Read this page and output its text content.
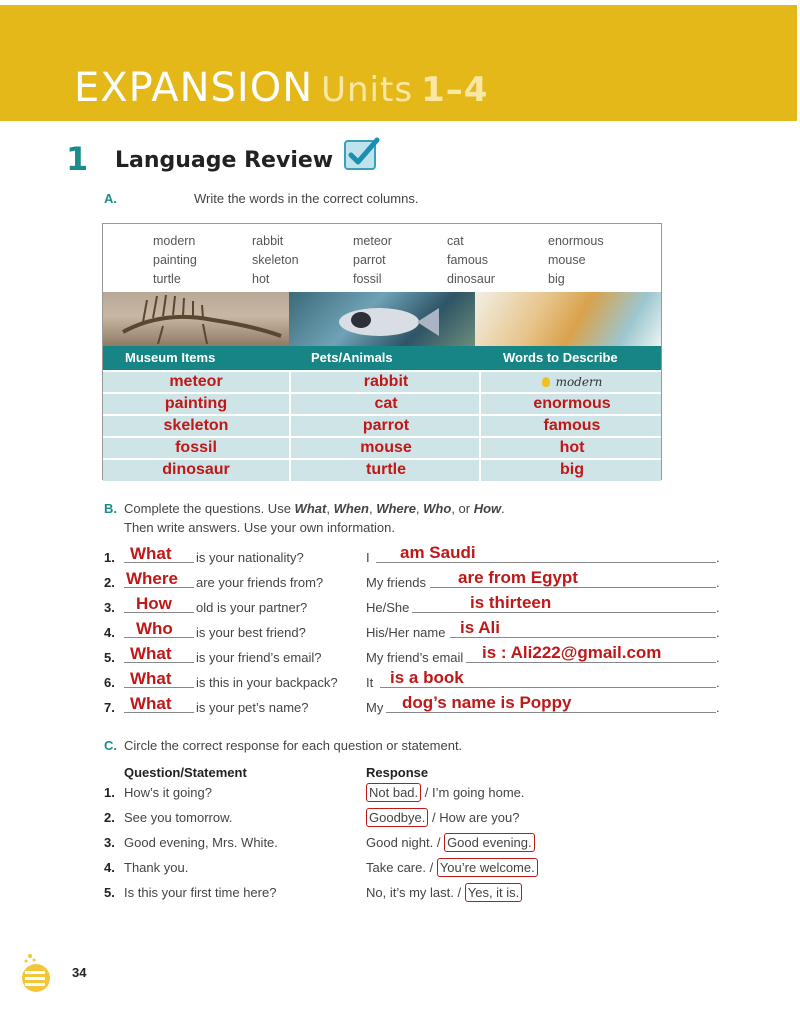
EXPANSION Units 1–4
1 Language Review
A.	Write the words in the correct columns.
modern	rabbit	meteor	cat	enormous
painting	skeleton	parrot	famous	mouse
turtle	hot	fossil	dinosaur	big
Museum Items	Pets/Animals	Words to Describe
meteor	rabbit	modern
painting	cat	enormous
skeleton	parrot	famous
fossil	mouse	hot
dinosaur	turtle	big
B. Complete the questions. Use What, When, Where, Who, or How.
Then write answers. Use your own information.
1. What is your nationality?	I am Saudi	.
2. Where are your friends from?	My friends are from Egypt	.
3. How old is your partner?	He/She	is thirteen	.
4. Who is your best friend?	His/Her name is Ali	.
5. What is your friend’s email?	My friend’s email is : Ali222@gmail.com	.
6. What is this in your backpack? It is a book	.
7. What is your pet’s name?	My dog’s name is Poppy	.
C. Circle the correct response for each question or statement.
Question/Statement	Response
1. How’s it going?	Not bad. / I’m going home.
2. See you tomorrow.	Goodbye. / How are you?
3. Good evening, Mrs. White.	Good night. / Good evening.
4. Thank you.	Take care. / You’re welcome.
5. Is this your first time here?	No, it’s my last. / Yes, it is.
34
